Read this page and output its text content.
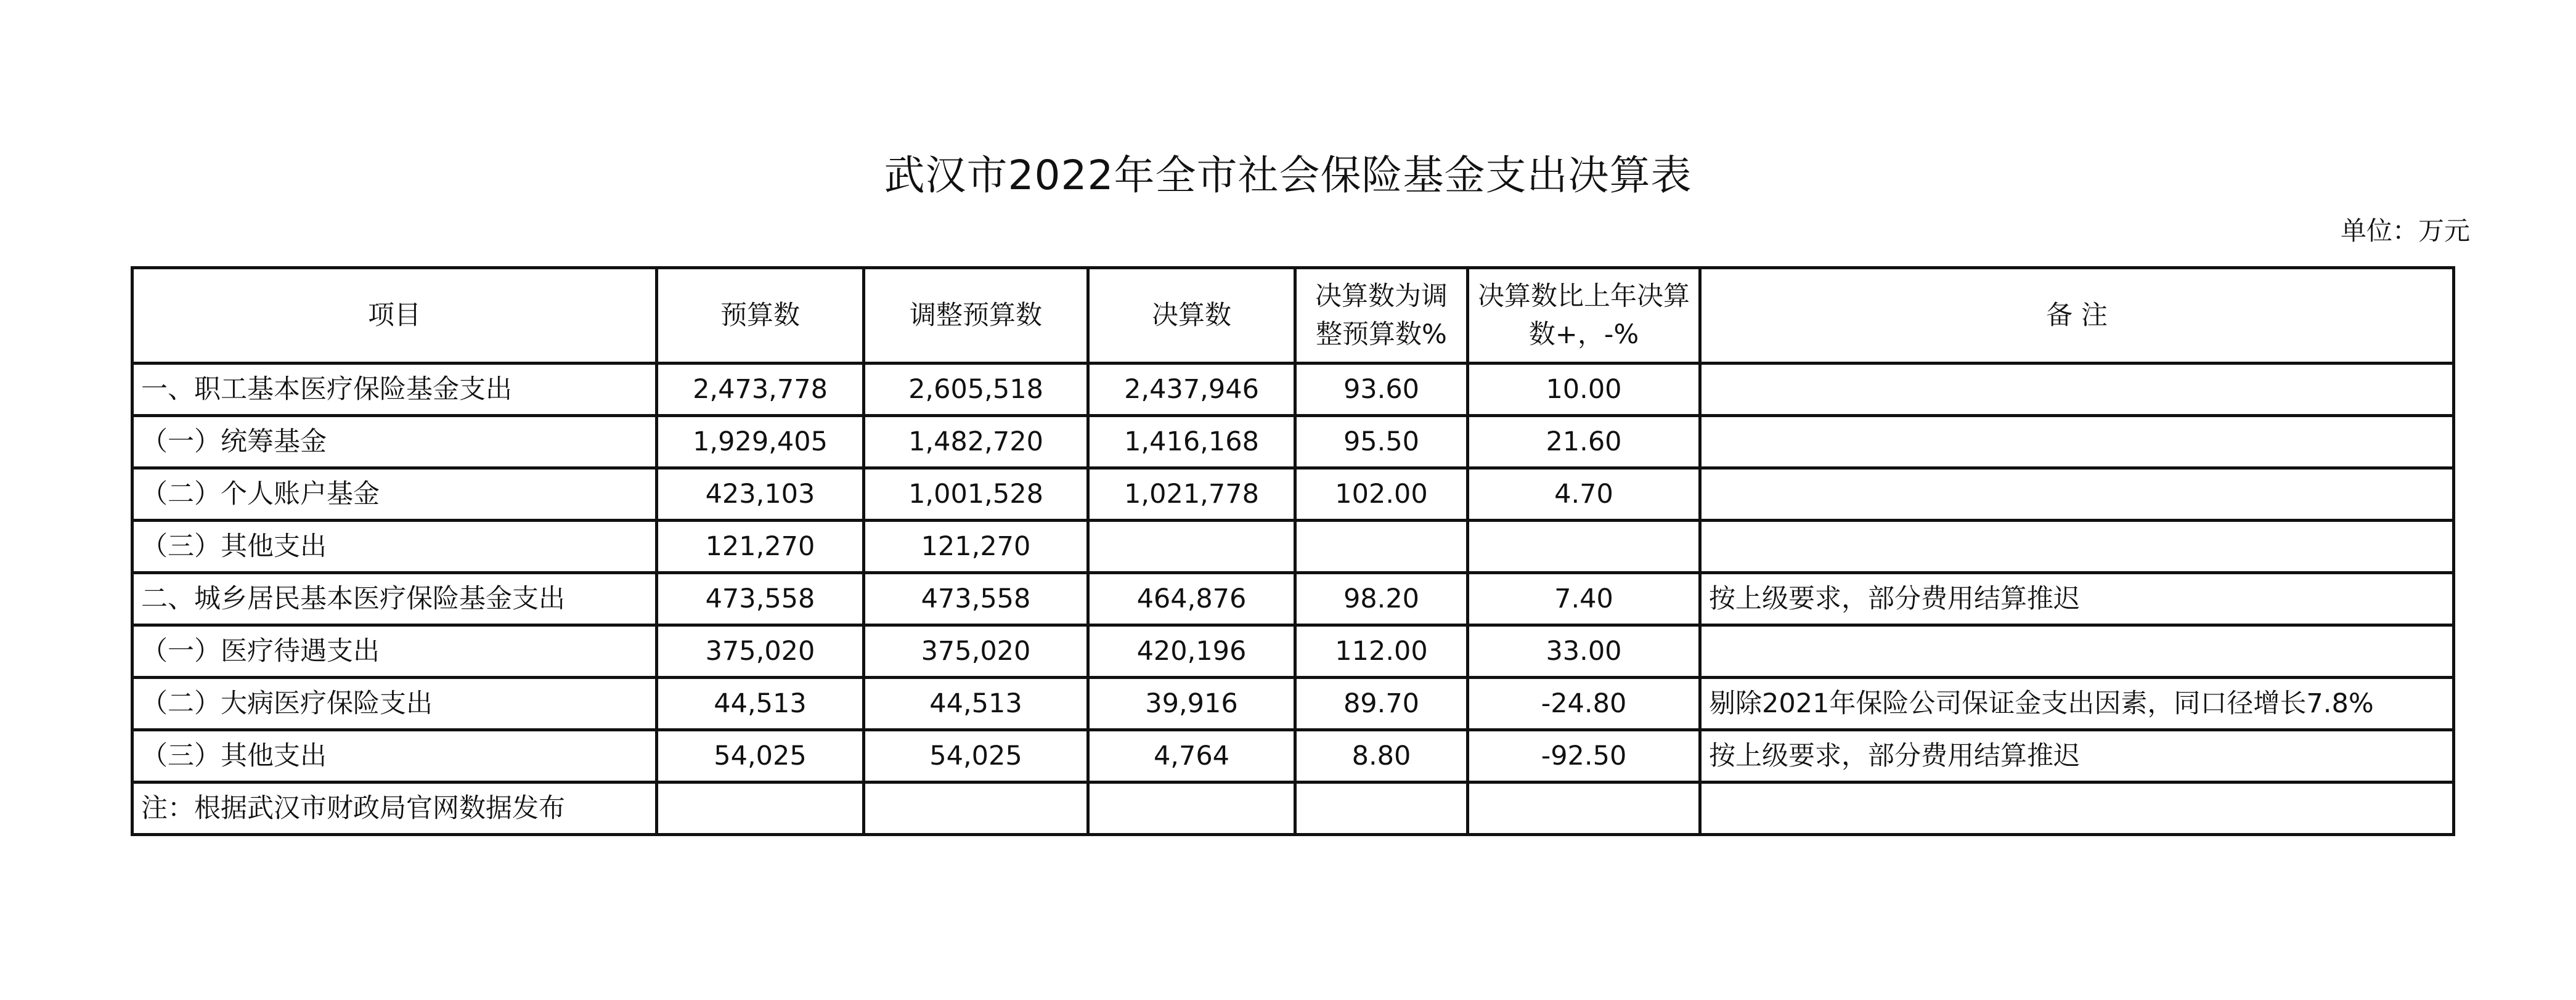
武汉市2022年全市社会保险基金支出决算表
单位：万元
项目	预算数	调整预算数	决算数	决算数为调整预算数%	决算数比上年决算数+，-%	备 注
一、职工基本医疗保险基金支出	2,473,778	2,605,518	2,437,946	93.60	10.00	
（一）统筹基金	1,929,405	1,482,720	1,416,168	95.50	21.60	
（二）个人账户基金	423,103	1,001,528	1,021,778	102.00	4.70	
（三）其他支出	121,270	121,270				
二、城乡居民基本医疗保险基金支出	473,558	473,558	464,876	98.20	7.40	按上级要求，部分费用结算推迟
（一）医疗待遇支出	375,020	375,020	420,196	112.00	33.00	
（二）大病医疗保险支出	44,513	44,513	39,916	89.70	-24.80	剔除2021年保险公司保证金支出因素，同口径增长7.8%
（三）其他支出	54,025	54,025	4,764	8.80	-92.50	按上级要求，部分费用结算推迟
注：根据武汉市财政局官网数据发布						
